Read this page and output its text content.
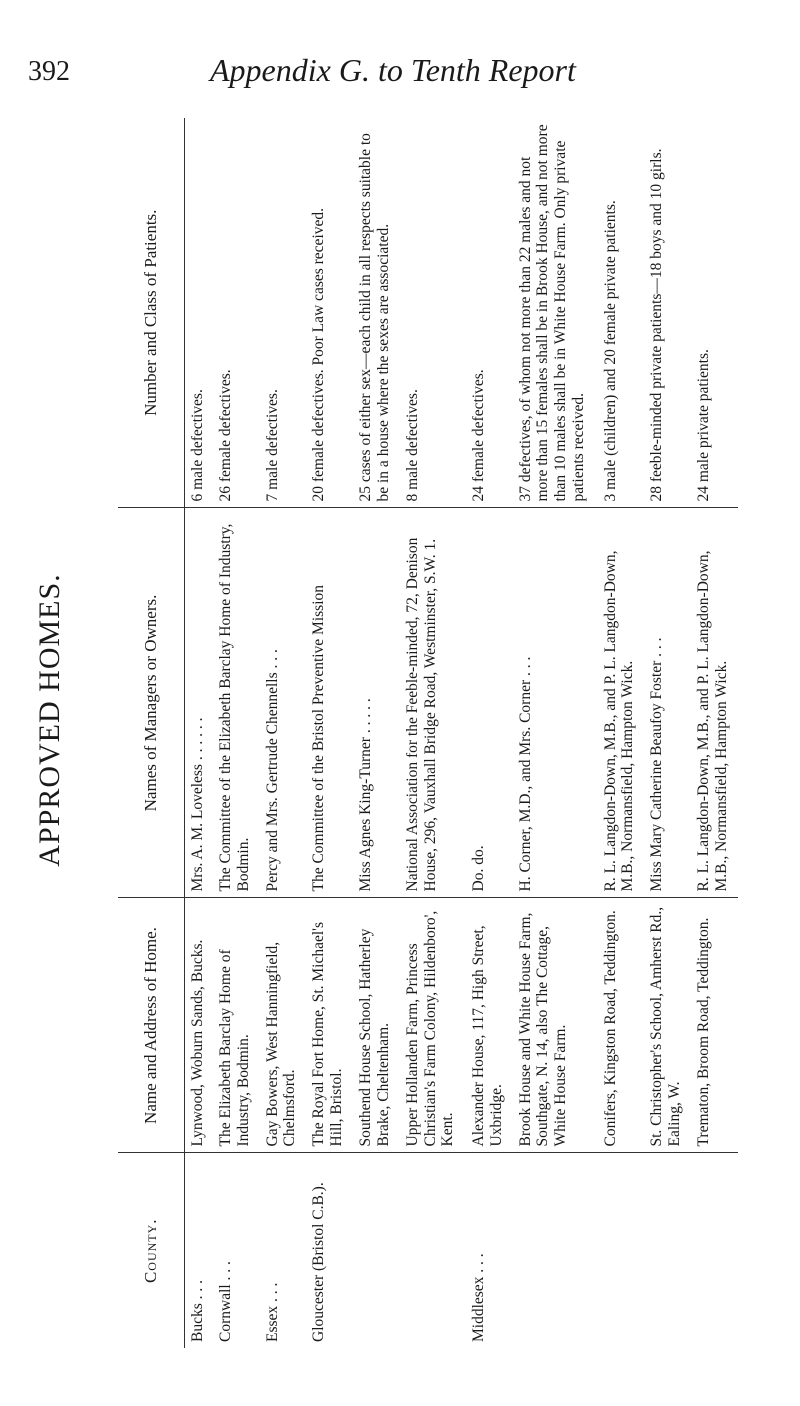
392	Appendix G. to Tenth Report
APPROVED HOMES.
County.	Name and Address of Home.	Names of Managers or Owners.	Number and Class of Patients.
Bucks . . .	Lynwood, Woburn Sands, Bucks.	Mrs. A. M. Loveless . . . . . .	6 male defectives.
Cornwall . . .	The Elizabeth Barclay Home of Industry, Bodmin.	The Committee of the Elizabeth Barclay Home of Industry, Bodmin.	26 female defectives.
Essex . . .	Gay Bowers, West Hanningfield, Chelmsford.	Percy and Mrs. Gertrude Chennells . . .	7 male defectives.
Gloucester (Bristol C.B.).	The Royal Fort Home, St. Michael's Hill, Bristol.	The Committee of the Bristol Preventive Mission	20 female defectives. Poor Law cases received.
	Southend House School, Hatherley Brake, Cheltenham.	Miss Agnes King-Turner . . . . .	25 cases of either sex—each child in all respects suitable to be in a house where the sexes are associated.
	Upper Hollanden Farm, Princess Christian's Farm Colony, Hildenboro', Kent.	National Association for the Feeble-minded, 72, Denison House, 296, Vauxhall Bridge Road, Westminster, S.W. 1.	8 male defectives.
Middlesex . . .	Alexander House, 117, High Street, Uxbridge.	Do. do.	24 female defectives.
	Brook House and White House Farm, Southgate, N. 14, also The Cottage, White House Farm.	H. Corner, M.D., and Mrs. Corner . . .	37 defectives, of whom not more than 22 males and not more than 15 females shall be in Brook House, and not more than 10 males shall be in White House Farm. Only private patients received.
	Conifers, Kingston Road, Teddington.	R. L. Langdon-Down, M.B., and P. L. Langdon-Down, M.B., Normansfield, Hampton Wick.	3 male (children) and 20 female private patients.
	St. Christopher's School, Amherst Rd., Ealing, W.	Miss Mary Catherine Beaufoy Foster . . .	28 feeble-minded private patients—18 boys and 10 girls.
	Trematon, Broom Road, Teddington.	R. L. Langdon-Down, M.B., and P. L. Langdon-Down, M.B., Normansfield, Hampton Wick.	24 male private patients.
